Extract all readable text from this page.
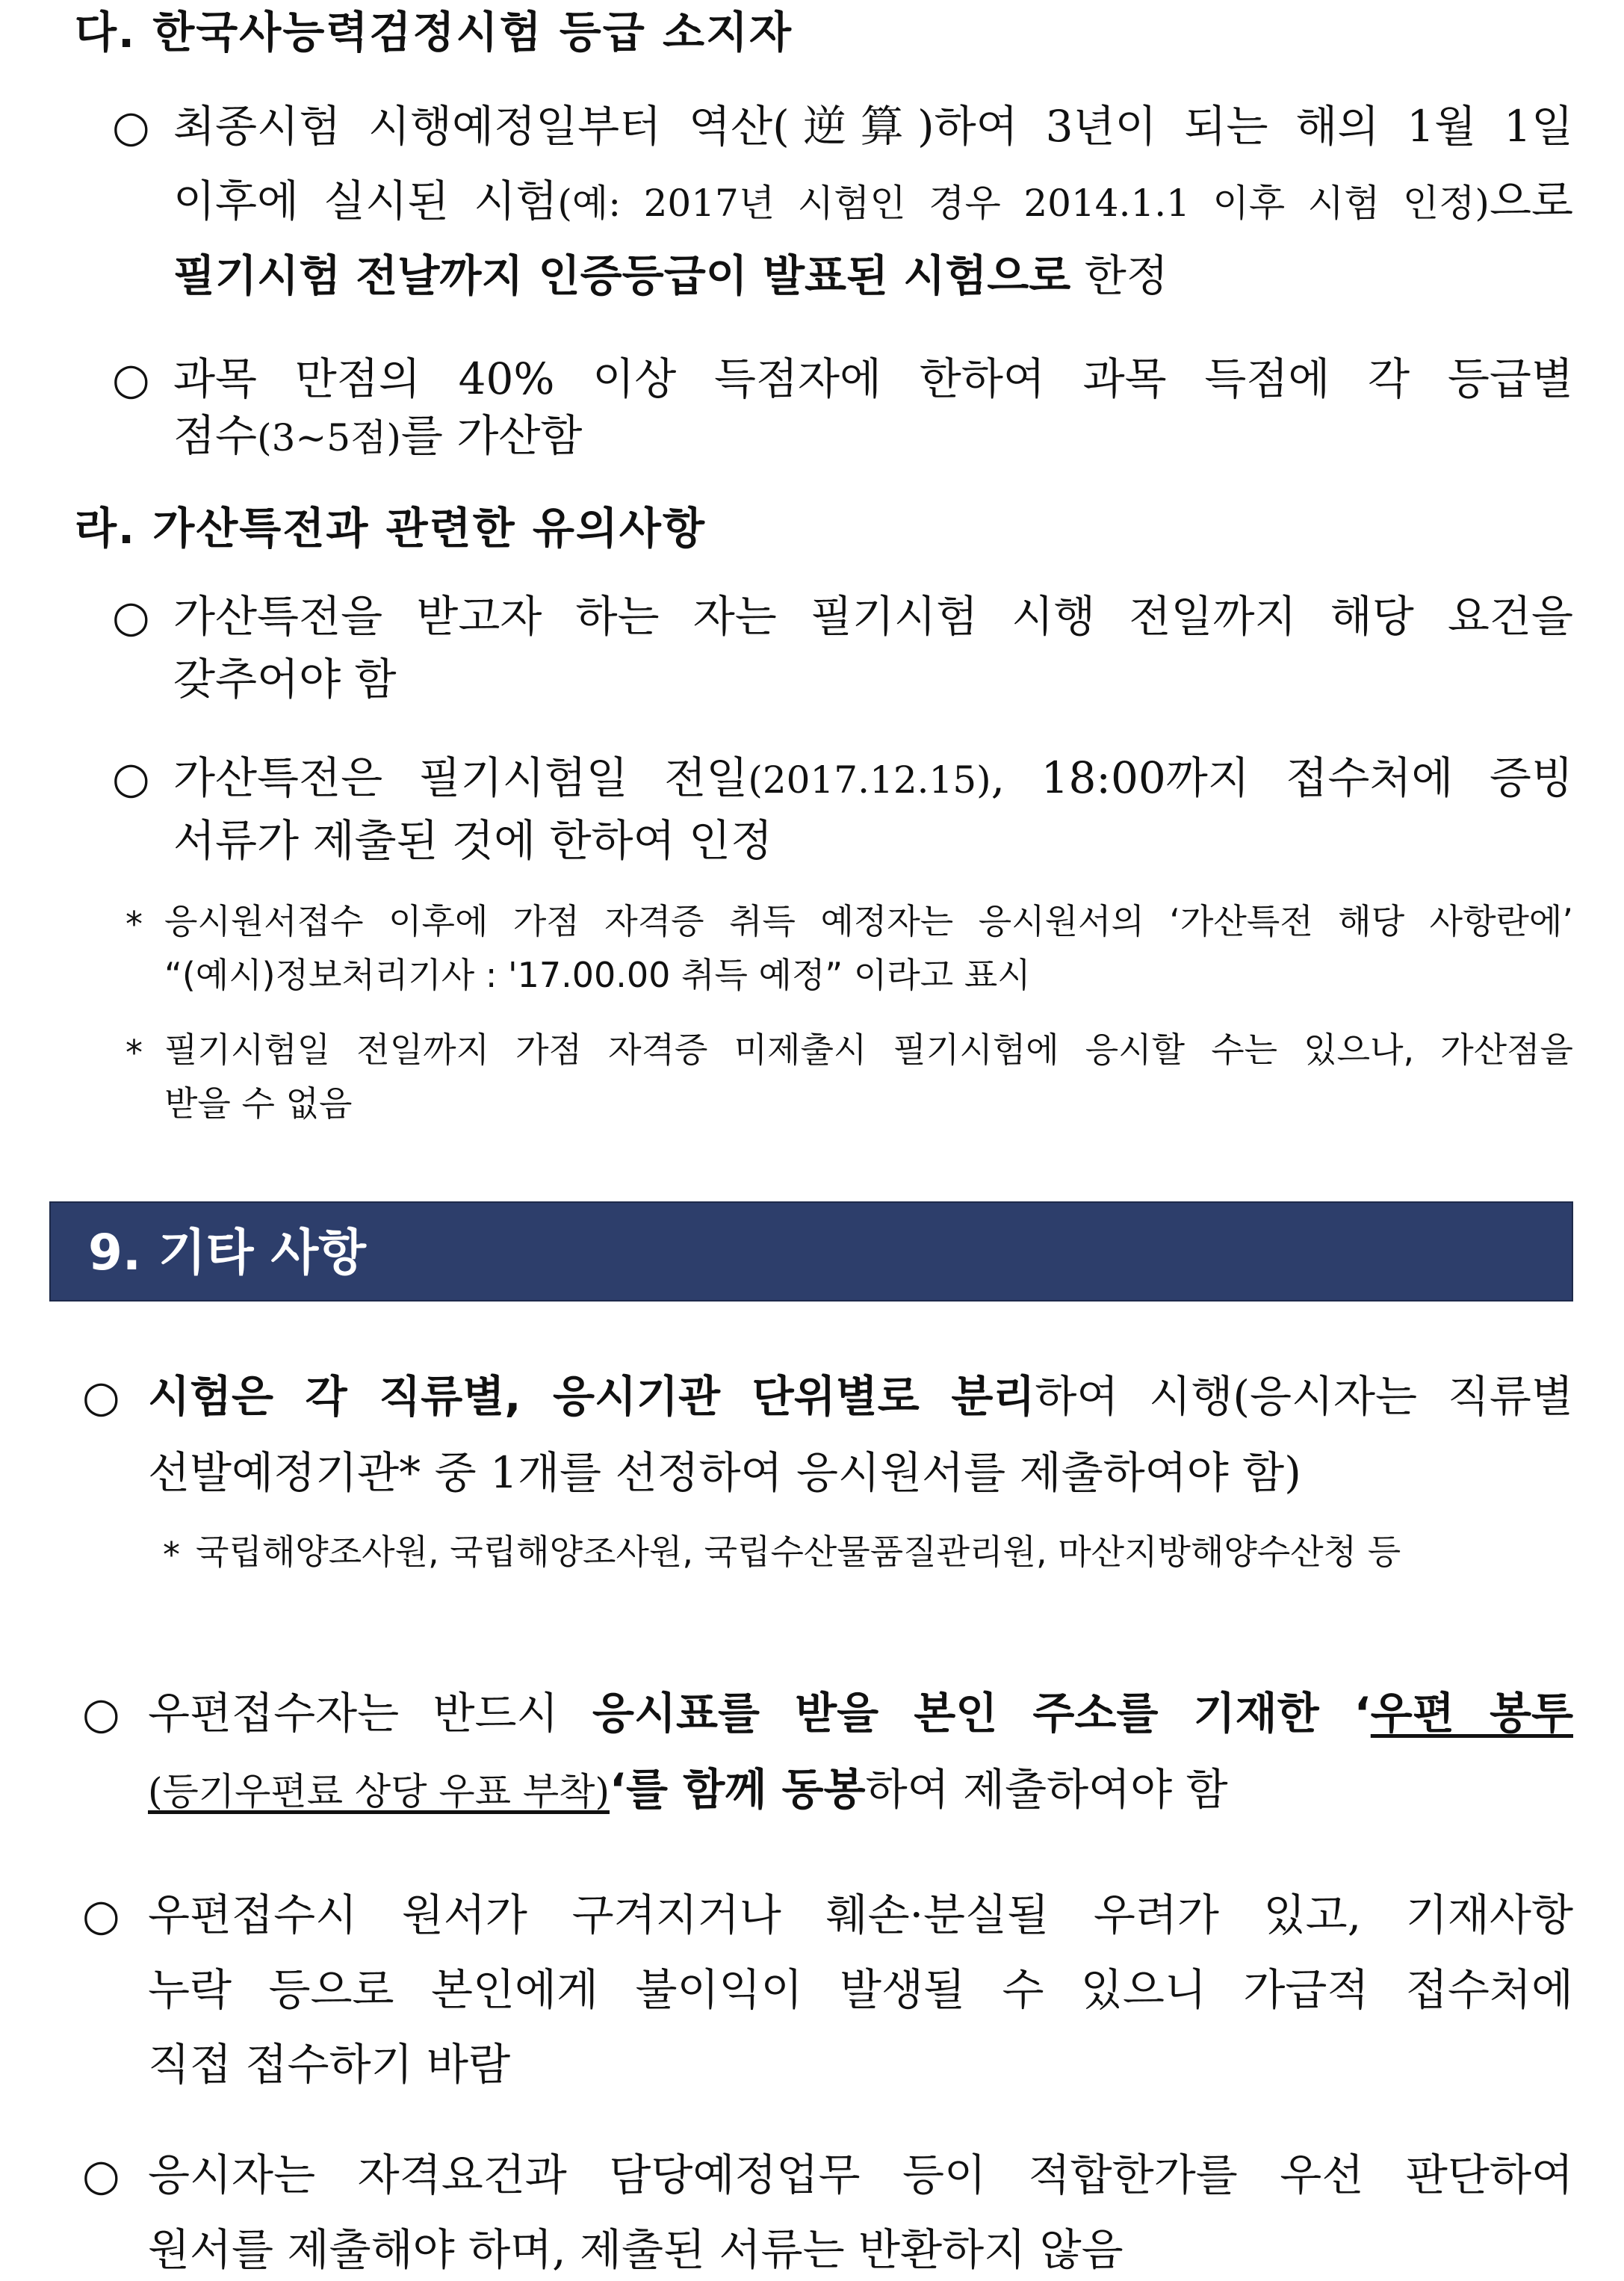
다. 한국사능력검정시험 등급 소지자
○ 최종시험 시행예정일부터 역산(逆算)하여 3년이 되는 해의 1월 1일
이후에 실시된 시험(예: 2017년 시험인 경우 2014.1.1 이후 시험 인정)으로
필기시험 전날까지 인증등급이 발표된 시험으로 한정
○ 과목 만점의 40% 이상 득점자에 한하여 과목 득점에 각 등급별
점수(3~5점)를 가산함
라. 가산특전과 관련한 유의사항
○ 가산특전을 받고자 하는 자는 필기시험 시행 전일까지 해당 요건을
갖추어야 함
○ 가산특전은 필기시험일 전일(2017.12.15), 18:00까지 접수처에 증빙
서류가 제출된 것에 한하여 인정
* 응시원서접수 이후에 가점 자격증 취득 예정자는 응시원서의 ‘가산특전 해당 사항란에’
“(예시)정보처리기사 : '17.00.00 취득 예정” 이라고 표시
* 필기시험일 전일까지 가점 자격증 미제출시 필기시험에 응시할 수는 있으나, 가산점을
받을 수 없음
9. 기타 사항
○ 시험은 각 직류별, 응시기관 단위별로 분리하여 시행(응시자는 직류별
선발예정기관* 중 1개를 선정하여 응시원서를 제출하여야 함)
* 국립해양조사원, 국립해양조사원, 국립수산물품질관리원, 마산지방해양수산청 등
○ 우편접수자는 반드시 응시표를 받을 본인 주소를 기재한 ‘우편 봉투
(등기우편료 상당 우표 부착)‘를 함께 동봉하여 제출하여야 함
○ 우편접수시 원서가 구겨지거나 훼손·분실될 우려가 있고, 기재사항
누락 등으로 본인에게 불이익이 발생될 수 있으니 가급적 접수처에
직접 접수하기 바람
○ 응시자는 자격요건과 담당예정업무 등이 적합한가를 우선 판단하여
원서를 제출해야 하며, 제출된 서류는 반환하지 않음
